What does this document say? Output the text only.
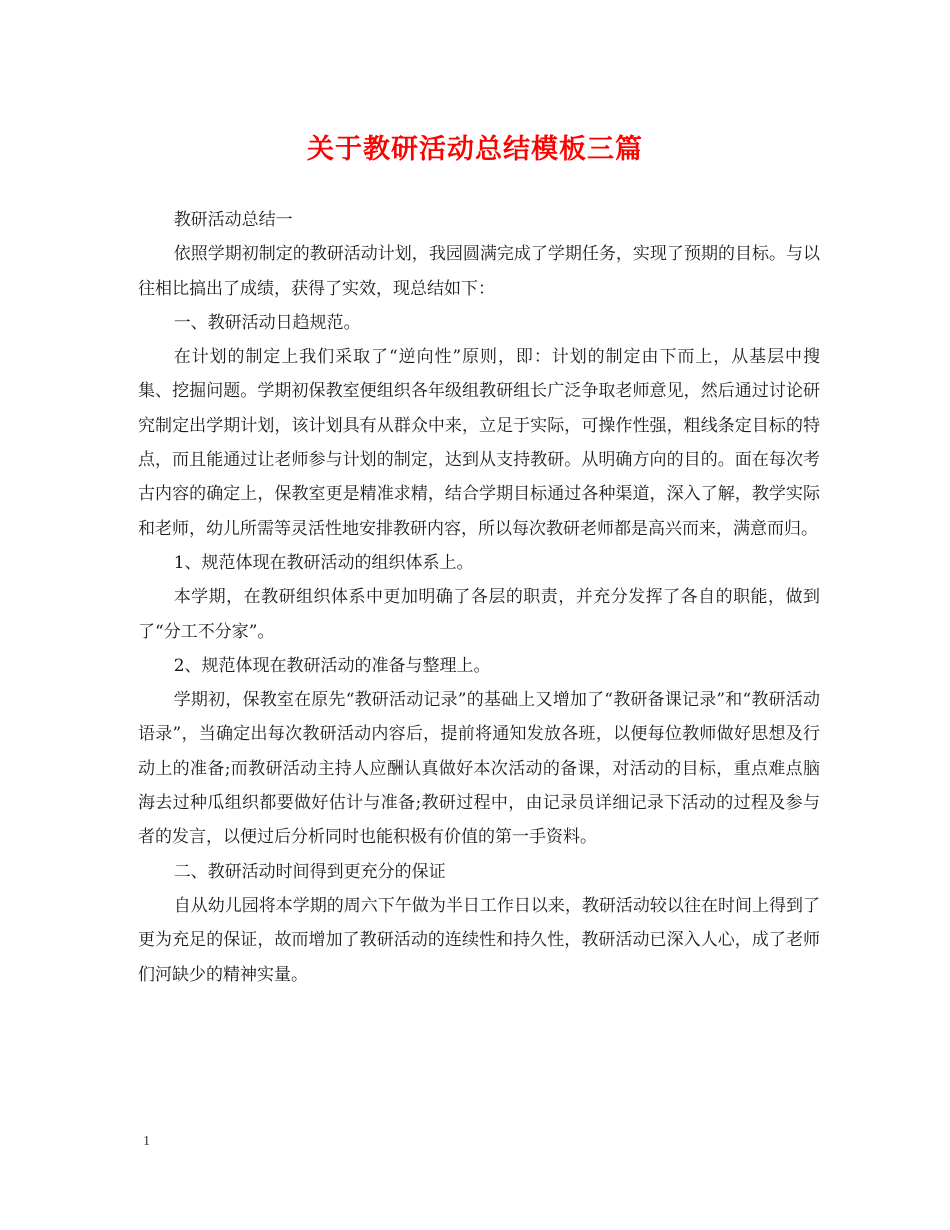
关于教研活动总结模板三篇

教研活动总结一

依照学期初制定的教研活动计划，我园圆满完成了学期任务，实现了预期的目标。与以往相比搞出了成绩，获得了实效，现总结如下：

一、教研活动日趋规范。

在计划的制定上我们采取了“逆向性”原则，即：计划的制定由下而上，从基层中搜集、挖掘问题。学期初保教室便组织各年级组教研组长广泛争取老师意见，然后通过讨论研究制定出学期计划，该计划具有从群众中来，立足于实际，可操作性强，粗线条定目标的特点，而且能通过让老师参与计划的制定，达到从支持教研。从明确方向的目的。面在每次考古内容的确定上，保教室更是精准求精，结合学期目标通过各种渠道，深入了解，教学实际和老师，幼儿所需等灵活性地安排教研内容，所以每次教研老师都是高兴而来，满意而归。

1、规范体现在教研活动的组织体系上。

本学期，在教研组织体系中更加明确了各层的职责，并充分发挥了各自的职能，做到了“分工不分家”。

2、规范体现在教研活动的准备与整理上。

学期初，保教室在原先“教研活动记录”的基础上又增加了“教研备课记录”和“教研活动语录”，当确定出每次教研活动内容后，提前将通知发放各班，以便每位教师做好思想及行动上的准备;而教研活动主持人应酬认真做好本次活动的备课，对活动的目标，重点难点脑海去过种瓜组织都要做好估计与准备;教研过程中，由记录员详细记录下活动的过程及参与者的发言，以便过后分析同时也能积极有价值的第一手资料。

二、教研活动时间得到更充分的保证

自从幼儿园将本学期的周六下午做为半日工作日以来，教研活动较以往在时间上得到了更为充足的保证，故而增加了教研活动的连续性和持久性，教研活动已深入人心，成了老师们河缺少的精神实量。

1
